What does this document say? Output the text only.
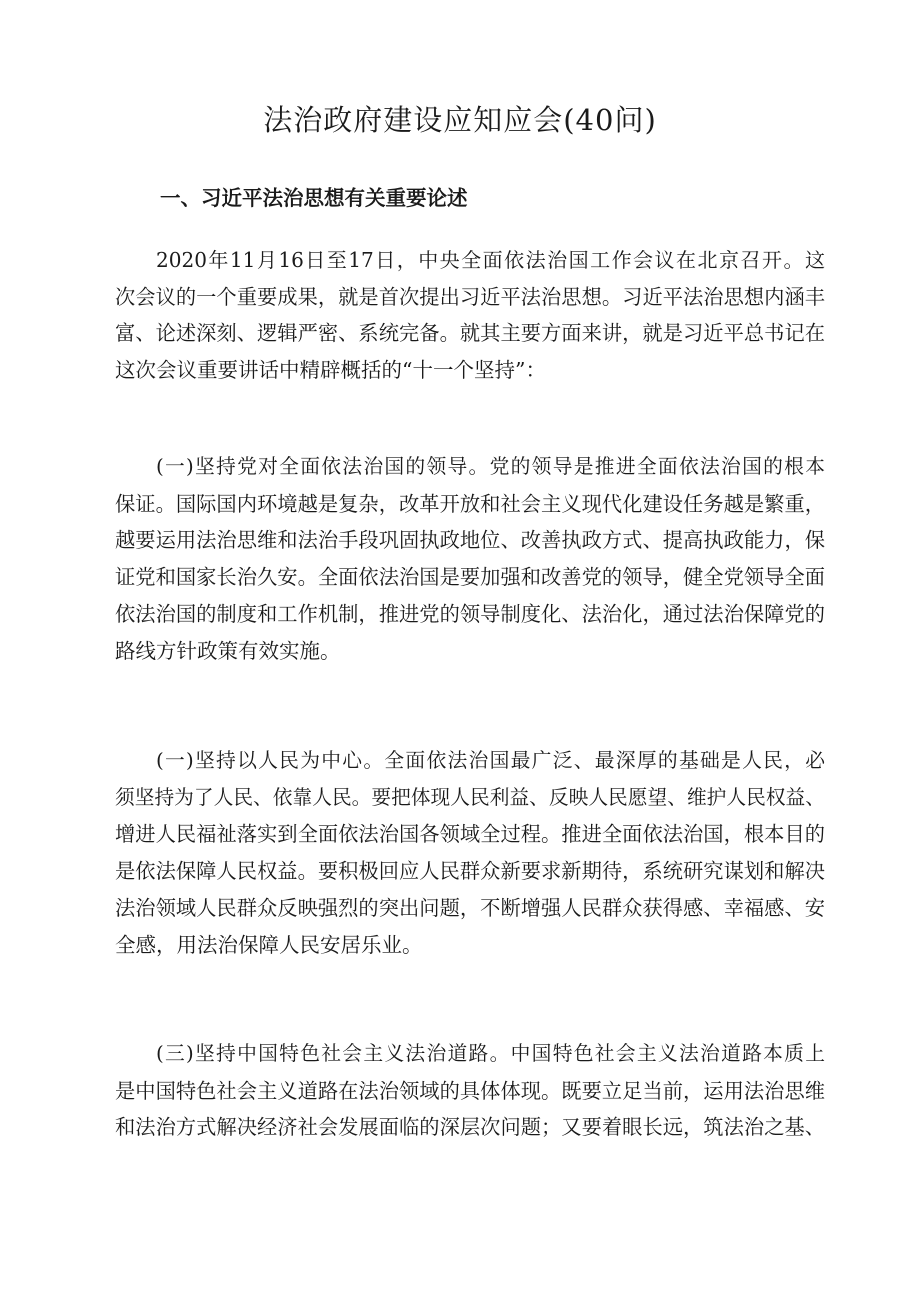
法治政府建设应知应会(40问)
一、习近平法治思想有关重要论述
2020年11月16日至17日，中央全面依法治国工作会议在北京召开。这
次会议的一个重要成果，就是首次提出习近平法治思想。习近平法治思想内涵丰
富、论述深刻、逻辑严密、系统完备。就其主要方面来讲，就是习近平总书记在
这次会议重要讲话中精辟概括的“十一个坚持”：
(一)坚持党对全面依法治国的领导。党的领导是推进全面依法治国的根本
保证。国际国内环境越是复杂，改革开放和社会主义现代化建设任务越是繁重，
越要运用法治思维和法治手段巩固执政地位、改善执政方式、提高执政能力，保
证党和国家长治久安。全面依法治国是要加强和改善党的领导，健全党领导全面
依法治国的制度和工作机制，推进党的领导制度化、法治化，通过法治保障党的
路线方针政策有效实施。
(一)坚持以人民为中心。全面依法治国最广泛、最深厚的基础是人民，必
须坚持为了人民、依靠人民。要把体现人民利益、反映人民愿望、维护人民权益、
增进人民福祉落实到全面依法治国各领域全过程。推进全面依法治国，根本目的
是依法保障人民权益。要积极回应人民群众新要求新期待，系统研究谋划和解决
法治领域人民群众反映强烈的突出问题，不断增强人民群众获得感、幸福感、安
全感，用法治保障人民安居乐业。
(三)坚持中国特色社会主义法治道路。中国特色社会主义法治道路本质上
是中国特色社会主义道路在法治领域的具体体现。既要立足当前，运用法治思维
和法治方式解决经济社会发展面临的深层次问题；又要着眼长远，筑法治之基、
